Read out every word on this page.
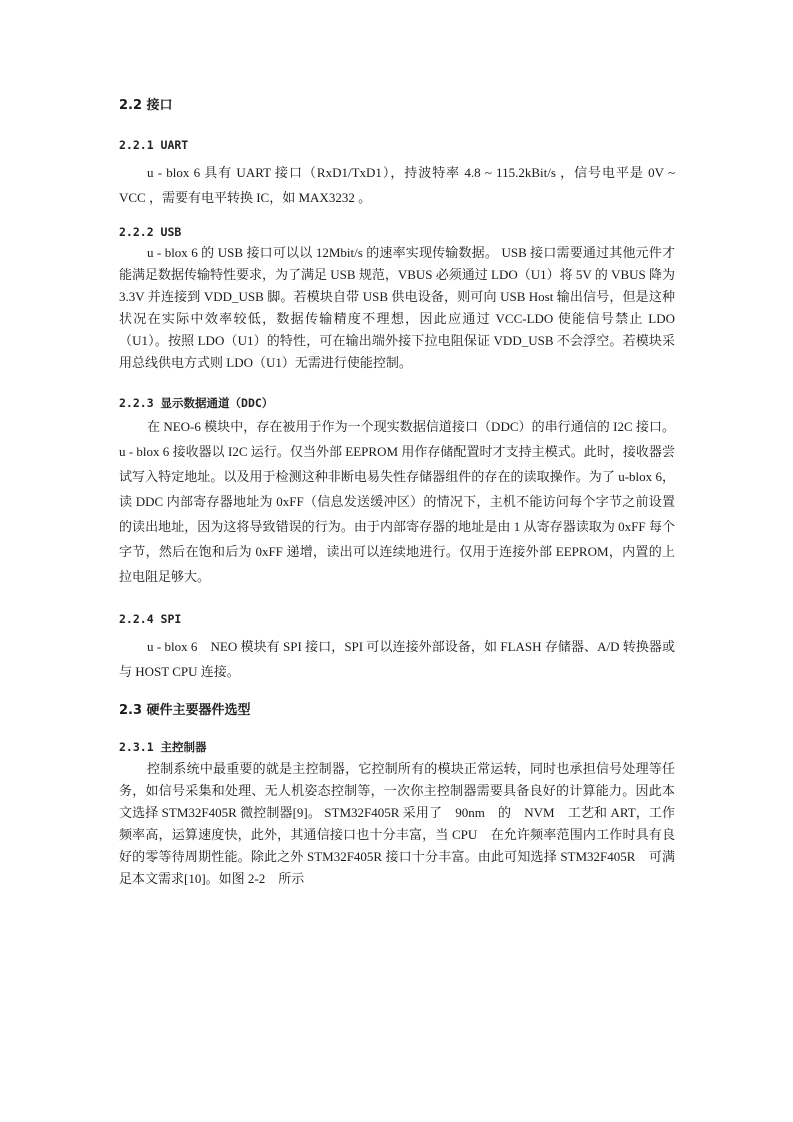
2.2 接口
2.2.1 UART

u - blox 6 具有 UART 接口（RxD1/TxD1），持波特率 4.8 ~ 115.2kBit/s ，信号电平是 0V ~ VCC ，需要有电平转换 IC，如 MAX3232 。

2.2.2 USB

u - blox 6 的 USB 接口可以以 12Mbit/s 的速率实现传输数据。 USB 接口需要通过其他元件才能满足数据传输特性要求，为了满足 USB 规范，VBUS 必须通过 LDO（U1）将 5V 的 VBUS 降为 3.3V 并连接到 VDD_USB 脚。若模块自带 USB 供电设备，则可向 USB Host 输出信号，但是这种状况在实际中效率较低，数据传输精度不理想，因此应通过 VCC-LDO 使能信号禁止 LDO（U1）。按照 LDO（U1）的特性，可在输出端外接下拉电阻保证 VDD_USB 不会浮空。若模块采用总线供电方式则 LDO（U1）无需进行使能控制。

2.2.3 显示数据通道（DDC）

在 NEO-6 模块中，存在被用于作为一个现实数据信道接口（DDC）的串行通信的 I2C 接口。 u - blox 6 接收器以 I2C 运行。仅当外部 EEPROM 用作存储配置时才支持主模式。此时，接收器尝试写入特定地址。以及用于检测这种非断电易失性存储器组件的存在的读取操作。为了 u-blox 6，读 DDC 内部寄存器地址为 0xFF（信息发送缓冲区）的情况下，主机不能访问每个字节之前设置的读出地址，因为这将导致错误的行为。由于内部寄存器的地址是由 1 从寄存器读取为 0xFF 每个字节，然后在饱和后为 0xFF 递增，读出可以连续地进行。仅用于连接外部 EEPROM，内置的上拉电阻足够大。

2.2.4 SPI

u - blox 6　NEO 模块有 SPI 接口，SPI 可以连接外部设备，如 FLASH 存储器、A/D 转换器或与 HOST CPU 连接。

2.3 硬件主要器件选型
2.3.1 主控制器

控制系统中最重要的就是主控制器，它控制所有的模块正常运转，同时也承担信号处理等任务，如信号采集和处理、无人机姿态控制等，一次你主控制器需要具备良好的计算能力。因此本文选择 STM32F405R 微控制器[9]。 STM32F405R 采用了　90nm　的　NVM　工艺和 ART，工作频率高，运算速度快，此外，其通信接口也十分丰富，当 CPU　在允许频率范围内工作时具有良好的零等待周期性能。除此之外 STM32F405R 接口十分丰富。由此可知选择 STM32F405R　可满足本文需求[10]。如图 2-2　所示
